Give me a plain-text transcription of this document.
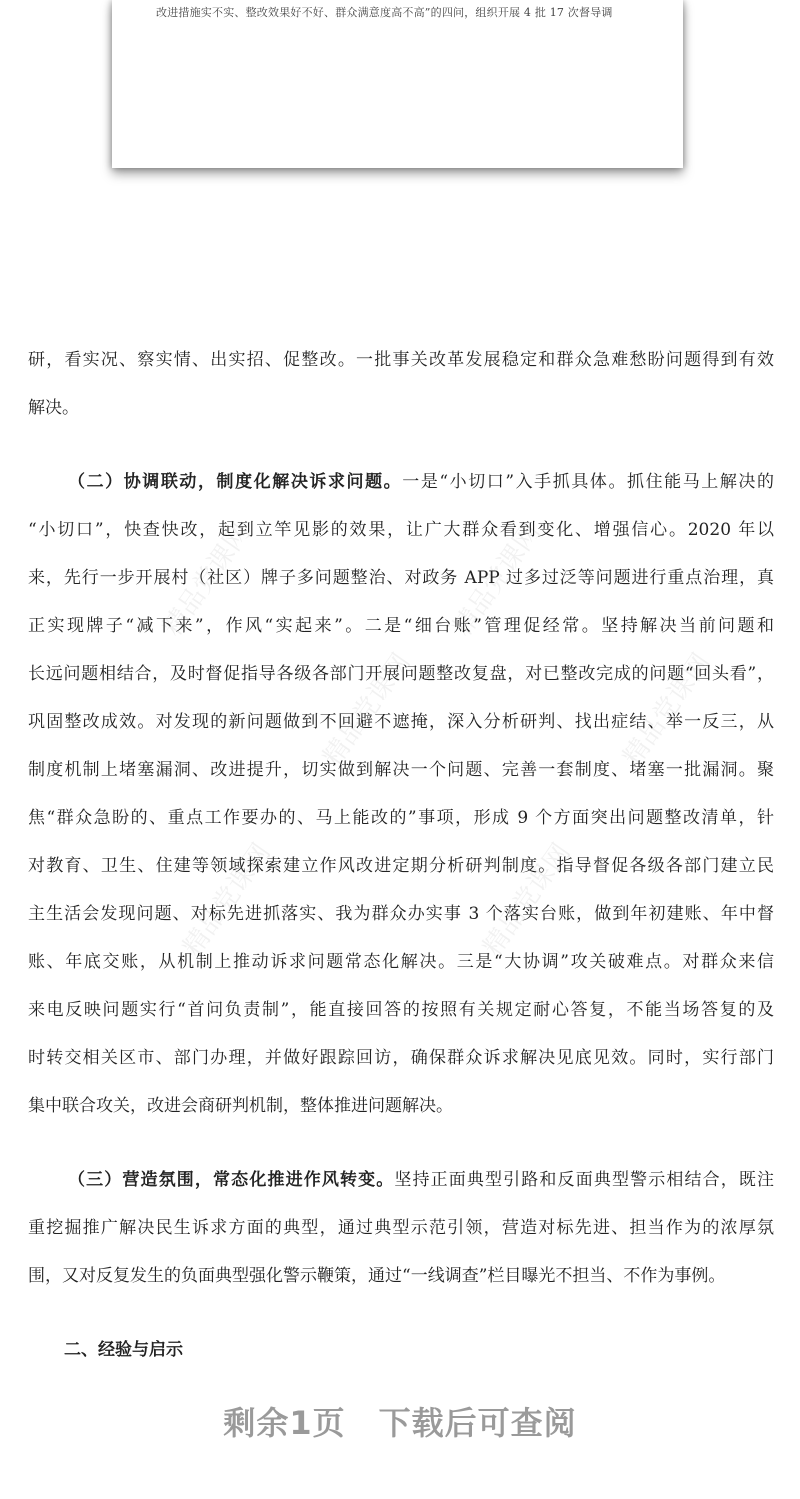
改进措施实不实、整改效果好不好、群众满意度高不高”的四问，组织开展 4 批 17 次督导调
精品党课网	精品党课网
精品党课网	精品党课网
精品党课网	精品党课网
研，看实况、察实情、出实招、促整改。一批事关改革发展稳定和群众急难愁盼问题得到有效
解决。
（二）协调联动，制度化解决诉求问题。一是“小切口”入手抓具体。抓住能马上解决的
“小切口”，快查快改，起到立竿见影的效果，让广大群众看到变化、增强信心。2020 年以
来，先行一步开展村（社区）牌子多问题整治、对政务 APP 过多过泛等问题进行重点治理，真
正实现牌子“减下来”，作风“实起来”。二是“细台账”管理促经常。坚持解决当前问题和
长远问题相结合，及时督促指导各级各部门开展问题整改复盘，对已整改完成的问题“回头看”，
巩固整改成效。对发现的新问题做到不回避不遮掩，深入分析研判、找出症结、举一反三，从
制度机制上堵塞漏洞、改进提升，切实做到解决一个问题、完善一套制度、堵塞一批漏洞。聚
焦“群众急盼的、重点工作要办的、马上能改的”事项，形成 9 个方面突出问题整改清单，针
对教育、卫生、住建等领域探索建立作风改进定期分析研判制度。指导督促各级各部门建立民
主生活会发现问题、对标先进抓落实、我为群众办实事 3 个落实台账，做到年初建账、年中督
账、年底交账，从机制上推动诉求问题常态化解决。三是“大协调”攻关破难点。对群众来信
来电反映问题实行“首问负责制”，能直接回答的按照有关规定耐心答复，不能当场答复的及
时转交相关区市、部门办理，并做好跟踪回访，确保群众诉求解决见底见效。同时，实行部门
集中联合攻关，改进会商研判机制，整体推进问题解决。
（三）营造氛围，常态化推进作风转变。坚持正面典型引路和反面典型警示相结合，既注
重挖掘推广解决民生诉求方面的典型，通过典型示范引领，营造对标先进、担当作为的浓厚氛
围，又对反复发生的负面典型强化警示鞭策，通过“一线调查”栏目曝光不担当、不作为事例。
二、经验与启示
剩余1页　下载后可查阅
